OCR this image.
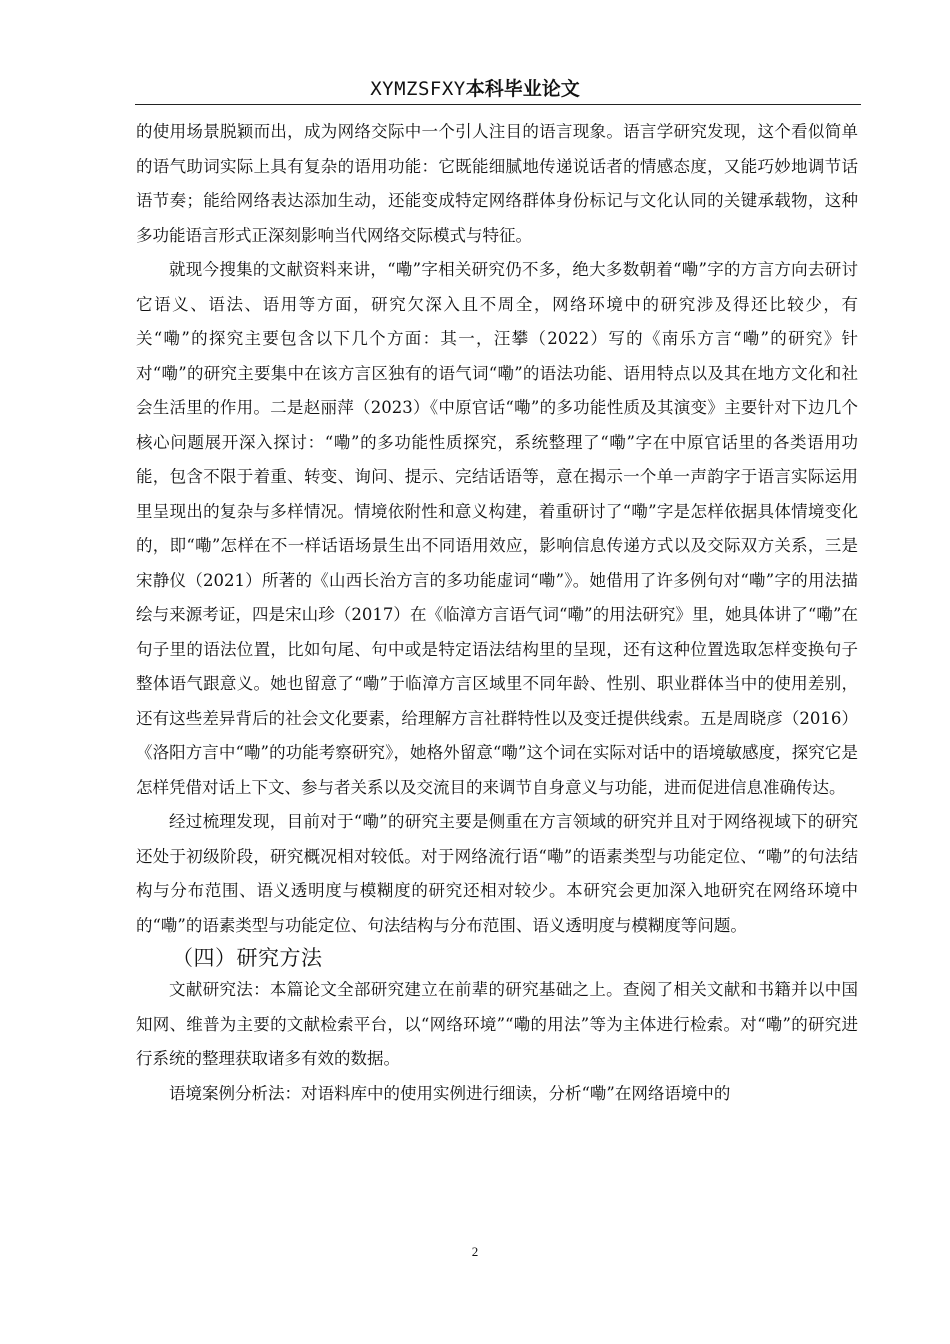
XYMZSFXY本科毕业论文

的使用场景脱颖而出，成为网络交际中一个引人注目的语言现象。语言学研究发现，这个看似简单的语气助词实际上具有复杂的语用功能：它既能细腻地传递说话者的情感态度，又能巧妙地调节话语节奏；能给网络表达添加生动，还能变成特定网络群体身份标记与文化认同的关键承载物，这种多功能语言形式正深刻影响当代网络交际模式与特征。

就现今搜集的文献资料来讲，“嘞”字相关研究仍不多，绝大多数朝着“嘞”字的方言方向去研讨它语义、语法、语用等方面，研究欠深入且不周全，网络环境中的研究涉及得还比较少，有关“嘞”的探究主要包含以下几个方面：其一，汪攀（2022）写的《南乐方言“嘞”的研究》针对“嘞”的研究主要集中在该方言区独有的语气词“嘞”的语法功能、语用特点以及其在地方文化和社会生活里的作用。二是赵丽萍（2023）《中原官话“嘞”的多功能性质及其演变》主要针对下边几个核心问题展开深入探讨：“嘞”的多功能性质探究，系统整理了“嘞”字在中原官话里的各类语用功能，包含不限于着重、转变、询问、提示、完结话语等，意在揭示一个单一声韵字于语言实际运用里呈现出的复杂与多样情况。情境依附性和意义构建，着重研讨了“嘞”字是怎样依据具体情境变化的，即“嘞”怎样在不一样话语场景生出不同语用效应，影响信息传递方式以及交际双方关系，三是宋静仪（2021）所著的《山西长治方言的多功能虚词“嘞”》。她借用了许多例句对“嘞”字的用法描绘与来源考证，四是宋山珍（2017）在《临漳方言语气词“嘞”的用法研究》里，她具体讲了“嘞”在句子里的语法位置，比如句尾、句中或是特定语法结构里的呈现，还有这种位置选取怎样变换句子整体语气跟意义。她也留意了“嘞”于临漳方言区域里不同年龄、性别、职业群体当中的使用差别，还有这些差异背后的社会文化要素，给理解方言社群特性以及变迁提供线索。五是周晓彦（2016）《洛阳方言中“嘞”的功能考察研究》，她格外留意“嘞”这个词在实际对话中的语境敏感度，探究它是怎样凭借对话上下文、参与者关系以及交流目的来调节自身意义与功能，进而促进信息准确传达。

经过梳理发现，目前对于“嘞”的研究主要是侧重在方言领域的研究并且对于网络视域下的研究还处于初级阶段，研究概况相对较低。对于网络流行语“嘞”的语素类型与功能定位、“嘞”的句法结构与分布范围、语义透明度与模糊度的研究还相对较少。本研究会更加深入地研究在网络环境中的“嘞”的语素类型与功能定位、句法结构与分布范围、语义透明度与模糊度等问题。

（四）研究方法

文献研究法：本篇论文全部研究建立在前辈的研究基础之上。查阅了相关文献和书籍并以中国知网、维普为主要的文献检索平台，以“网络环境”“嘞的用法”等为主体进行检索。对“嘞”的研究进行系统的整理获取诸多有效的数据。

语境案例分析法：对语料库中的使用实例进行细读，分析“嘞”在网络语境中的

2
